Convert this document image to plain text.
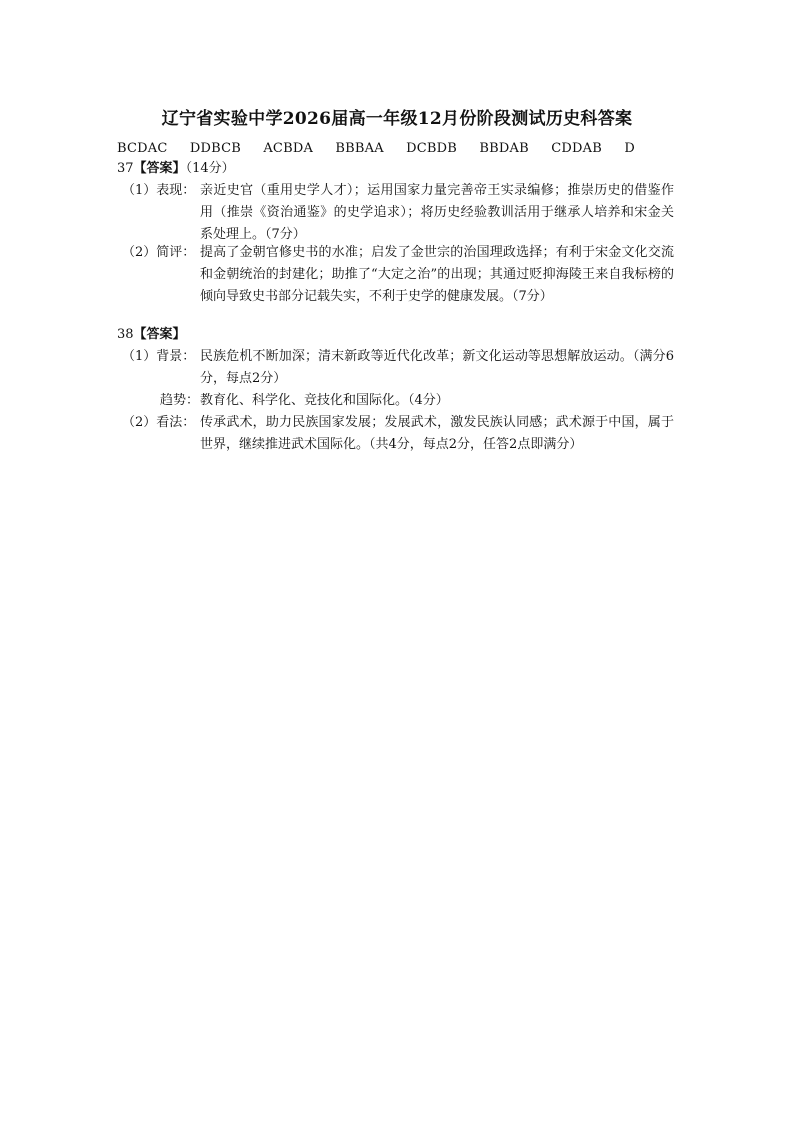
辽宁省实验中学2026届高一年级12月份阶段测试历史科答案
BCDAC DDBCB ACBDA BBBAA DCBDB BBDAB CDDAB D
37【答案】（14分）
（1）表现： 亲近史官（重用史学人才）；运用国家力量完善帝王实录编修；推崇历史的借鉴作用（推崇《资治通鉴》的史学追求）；将历史经验教训活用于继承人培养和宋金关系处理上。（7分）
（2）简评： 提高了金朝官修史书的水准；启发了金世宗的治国理政选择；有利于宋金文化交流和金朝统治的封建化；助推了“大定之治”的出现；其通过贬抑海陵王来自我标榜的倾向导致史书部分记载失实，不利于史学的健康发展。（7分）
38【答案】
（1）背景： 民族危机不断加深；清末新政等近代化改革；新文化运动等思想解放运动。（满分6分，每点2分）
趋势： 教育化、科学化、竞技化和国际化。（4分）
（2）看法： 传承武术，助力民族国家发展；发展武术，激发民族认同感；武术源于中国，属于世界，继续推进武术国际化。（共4分，每点2分，任答2点即满分）
